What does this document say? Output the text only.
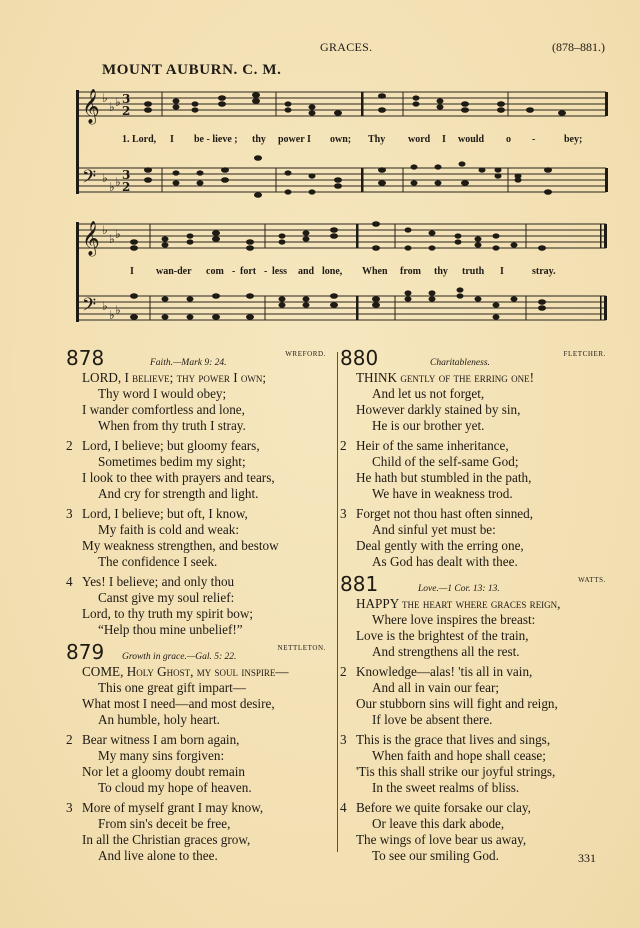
GRACES.	(878–881.)
MOUNT AUBURN. C. M.
𝄞
𝄢
♭
♭ ♭
♭
♭ ♭
3
2
3
2
1. Lord, I be - lieve ; thy power I own; Thy word I would o -	bey;
𝄞
𝄢
♭
♭ ♭
♭
♭ ♭
I wan-der com - fort - less and lone, When from thy truth I	stray.
878	Faith.—Mark 9: 24.
WREFORD.
LORD, I believe; thy power I own;
Thy word I would obey;
I wander comfortless and lone,
When from thy truth I stray.
2 Lord, I believe; but gloomy fears,
Sometimes bedim my sight;
I look to thee with prayers and tears,
And cry for strength and light.
3 Lord, I believe; but oft, I know,
My faith is cold and weak:
My weakness strengthen, and bestow
The confidence I seek.
4 Yes! I believe; and only thou
Canst give my soul relief:
Lord, to thy truth my spirit bow;
“Help thou mine unbelief!”
879 Growth in grace.—Gal. 5: 22.
NETTLETON.
COME, Holy Ghost, my soul inspire—
This one great gift impart—
What most I need—and most desire,
An humble, holy heart.
2 Bear witness I am born again,
My many sins forgiven:
Nor let a gloomy doubt remain
To cloud my hope of heaven.
3 More of myself grant I may know,
From sin's deceit be free,
In all the Christian graces grow,
And live alone to thee.
880	Charitableness.
FLETCHER.
THINK gently of the erring one!
And let us not forget,
However darkly stained by sin,
He is our brother yet.
2 Heir of the same inheritance,
Child of the self-same God;
He hath but stumbled in the path,
We have in weakness trod.
3 Forget not thou hast often sinned,
And sinful yet must be:
Deal gently with the erring one,
As God has dealt with thee.
881	Love.—1 Cor. 13: 13.
WATTS.
HAPPY the heart where graces reign,
Where love inspires the breast:
Love is the brightest of the train,
And strengthens all the rest.
2 Knowledge—alas! 'tis all in vain,
And all in vain our fear;
Our stubborn sins will fight and reign,
If love be absent there.
3 This is the grace that lives and sings,
When faith and hope shall cease;
'Tis this shall strike our joyful strings,
In the sweet realms of bliss.
4 Before we quite forsake our clay,
Or leave this dark abode,
The wings of love bear us away,
To see our smiling God.	331
